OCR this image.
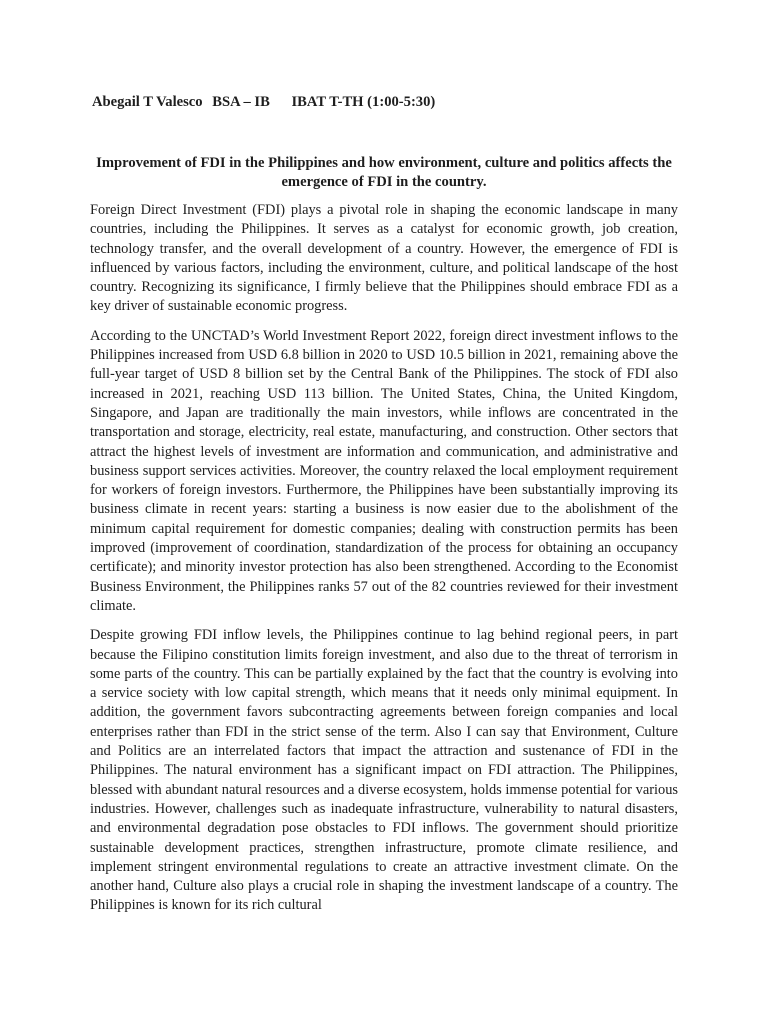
Abegail T Valesco BSA – IB IBAT T-TH (1:00-5:30)
Improvement of FDI in the Philippines and how environment, culture and politics affects the emergence of FDI in the country.

Foreign Direct Investment (FDI) plays a pivotal role in shaping the economic landscape in many countries, including the Philippines. It serves as a catalyst for economic growth, job creation, technology transfer, and the overall development of a country. However, the emergence of FDI is influenced by various factors, including the environment, culture, and political landscape of the host country. Recognizing its significance, I firmly believe that the Philippines should embrace FDI as a key driver of sustainable economic progress.

According to the UNCTAD’s World Investment Report 2022, foreign direct investment inflows to the Philippines increased from USD 6.8 billion in 2020 to USD 10.5 billion in 2021, remaining above the full-year target of USD 8 billion set by the Central Bank of the Philippines. The stock of FDI also increased in 2021, reaching USD 113 billion. The United States, China, the United Kingdom, Singapore, and Japan are traditionally the main investors, while inflows are concentrated in the transportation and storage, electricity, real estate, manufacturing, and construction. Other sectors that attract the highest levels of investment are information and communication, and administrative and business support services activities. Moreover, the country relaxed the local employment requirement for workers of foreign investors. Furthermore, the Philippines have been substantially improving its business climate in recent years: starting a business is now easier due to the abolishment of the minimum capital requirement for domestic companies; dealing with construction permits has been improved (improvement of coordination, standardization of the process for obtaining an occupancy certificate); and minority investor protection has also been strengthened. According to the Economist Business Environment, the Philippines ranks 57 out of the 82 countries reviewed for their investment climate.

Despite growing FDI inflow levels, the Philippines continue to lag behind regional peers, in part because the Filipino constitution limits foreign investment, and also due to the threat of terrorism in some parts of the country. This can be partially explained by the fact that the country is evolving into a service society with low capital strength, which means that it needs only minimal equipment. In addition, the government favors subcontracting agreements between foreign companies and local enterprises rather than FDI in the strict sense of the term. Also I can say that Environment, Culture and Politics are an interrelated factors that impact the attraction and sustenance of FDI in the Philippines. The natural environment has a significant impact on FDI attraction. The Philippines, blessed with abundant natural resources and a diverse ecosystem, holds immense potential for various industries. However, challenges such as inadequate infrastructure, vulnerability to natural disasters, and environmental degradation pose obstacles to FDI inflows. The government should prioritize sustainable development practices, strengthen infrastructure, promote climate resilience, and implement stringent environmental regulations to create an attractive investment climate. On the another hand, Culture also plays a crucial role in shaping the investment landscape of a country. The Philippines is known for its rich cultural
